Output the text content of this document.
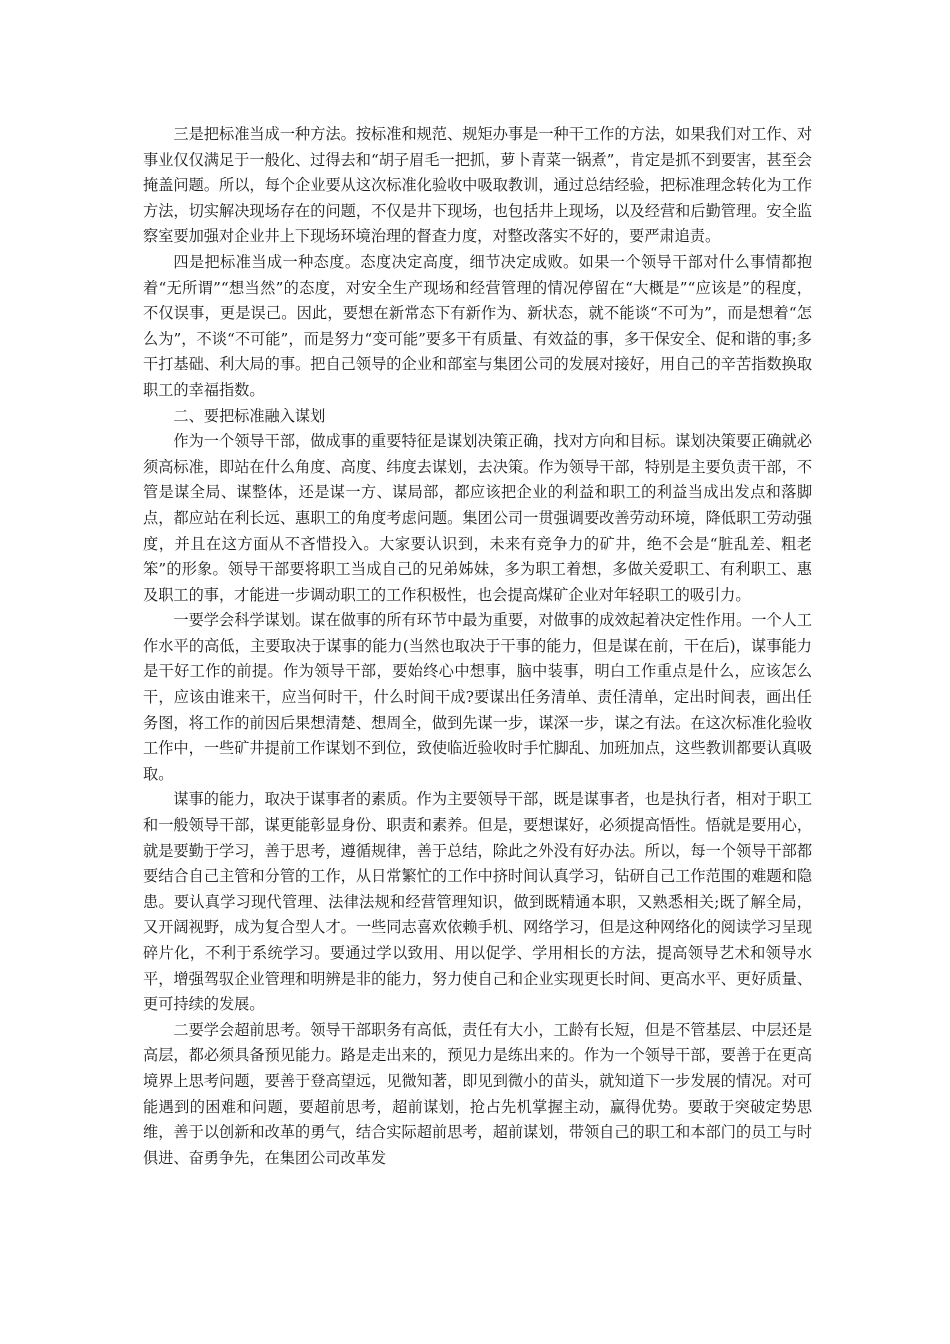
三是把标准当成一种方法。按标准和规范、规矩办事是一种干工作的方法，如果我们对工作、对事业仅仅满足于一般化、过得去和“胡子眉毛一把抓，萝卜青菜一锅煮”，肯定是抓不到要害，甚至会掩盖问题。所以，每个企业要从这次标准化验收中吸取教训，通过总结经验，把标准理念转化为工作方法，切实解决现场存在的问题，不仅是井下现场，也包括井上现场，以及经营和后勤管理。安全监察室要加强对企业井上下现场环境治理的督查力度，对整改落实不好的，要严肃追责。

四是把标准当成一种态度。态度决定高度，细节决定成败。如果一个领导干部对什么事情都抱着“无所谓”“想当然”的态度，对安全生产现场和经营管理的情况停留在“大概是”“应该是”的程度，不仅误事，更是误己。因此，要想在新常态下有新作为、新状态，就不能谈“不可为”，而是想着“怎么为”，不谈“不可能”，而是努力“变可能”要多干有质量、有效益的事，多干保安全、促和谐的事;多干打基础、利大局的事。把自己领导的企业和部室与集团公司的发展对接好，用自己的辛苦指数换取职工的幸福指数。

二、要把标准融入谋划

作为一个领导干部，做成事的重要特征是谋划决策正确，找对方向和目标。谋划决策要正确就必须高标准，即站在什么角度、高度、纬度去谋划，去决策。作为领导干部，特别是主要负责干部，不管是谋全局、谋整体，还是谋一方、谋局部，都应该把企业的利益和职工的利益当成出发点和落脚点，都应站在利长远、惠职工的角度考虑问题。集团公司一贯强调要改善劳动环境，降低职工劳动强度，并且在这方面从不吝惜投入。大家要认识到，未来有竞争力的矿井，绝不会是“脏乱差、粗老笨”的形象。领导干部要将职工当成自己的兄弟姊妹，多为职工着想，多做关爱职工、有利职工、惠及职工的事，才能进一步调动职工的工作积极性，也会提高煤矿企业对年轻职工的吸引力。

一要学会科学谋划。谋在做事的所有环节中最为重要，对做事的成效起着决定性作用。一个人工作水平的高低，主要取决于谋事的能力(当然也取决于干事的能力，但是谋在前，干在后)，谋事能力是干好工作的前提。作为领导干部，要始终心中想事，脑中装事，明白工作重点是什么，应该怎么干，应该由谁来干，应当何时干，什么时间干成?要谋出任务清单、责任清单，定出时间表，画出任务图，将工作的前因后果想清楚、想周全，做到先谋一步，谋深一步，谋之有法。在这次标准化验收工作中，一些矿井提前工作谋划不到位，致使临近验收时手忙脚乱、加班加点，这些教训都要认真吸取。

谋事的能力，取决于谋事者的素质。作为主要领导干部，既是谋事者，也是执行者，相对于职工和一般领导干部，谋更能彰显身份、职责和素养。但是，要想谋好，必须提高悟性。悟就是要用心，就是要勤于学习，善于思考，遵循规律，善于总结，除此之外没有好办法。所以，每一个领导干部都要结合自己主管和分管的工作，从日常繁忙的工作中挤时间认真学习，钻研自己工作范围的难题和隐患。要认真学习现代管理、法律法规和经营管理知识，做到既精通本职，又熟悉相关;既了解全局，又开阔视野，成为复合型人才。一些同志喜欢依赖手机、网络学习，但是这种网络化的阅读学习呈现碎片化，不利于系统学习。要通过学以致用、用以促学、学用相长的方法，提高领导艺术和领导水平，增强驾驭企业管理和明辨是非的能力，努力使自己和企业实现更长时间、更高水平、更好质量、更可持续的发展。

二要学会超前思考。领导干部职务有高低，责任有大小，工龄有长短，但是不管基层、中层还是高层，都必须具备预见能力。路是走出来的，预见力是练出来的。作为一个领导干部，要善于在更高境界上思考问题，要善于登高望远，见微知著，即见到微小的苗头，就知道下一步发展的情况。对可能遇到的困难和问题，要超前思考，超前谋划，抢占先机掌握主动，赢得优势。要敢于突破定势思维，善于以创新和改革的勇气，结合实际超前思考，超前谋划，带领自己的职工和本部门的员工与时俱进、奋勇争先，在集团公司改革发
